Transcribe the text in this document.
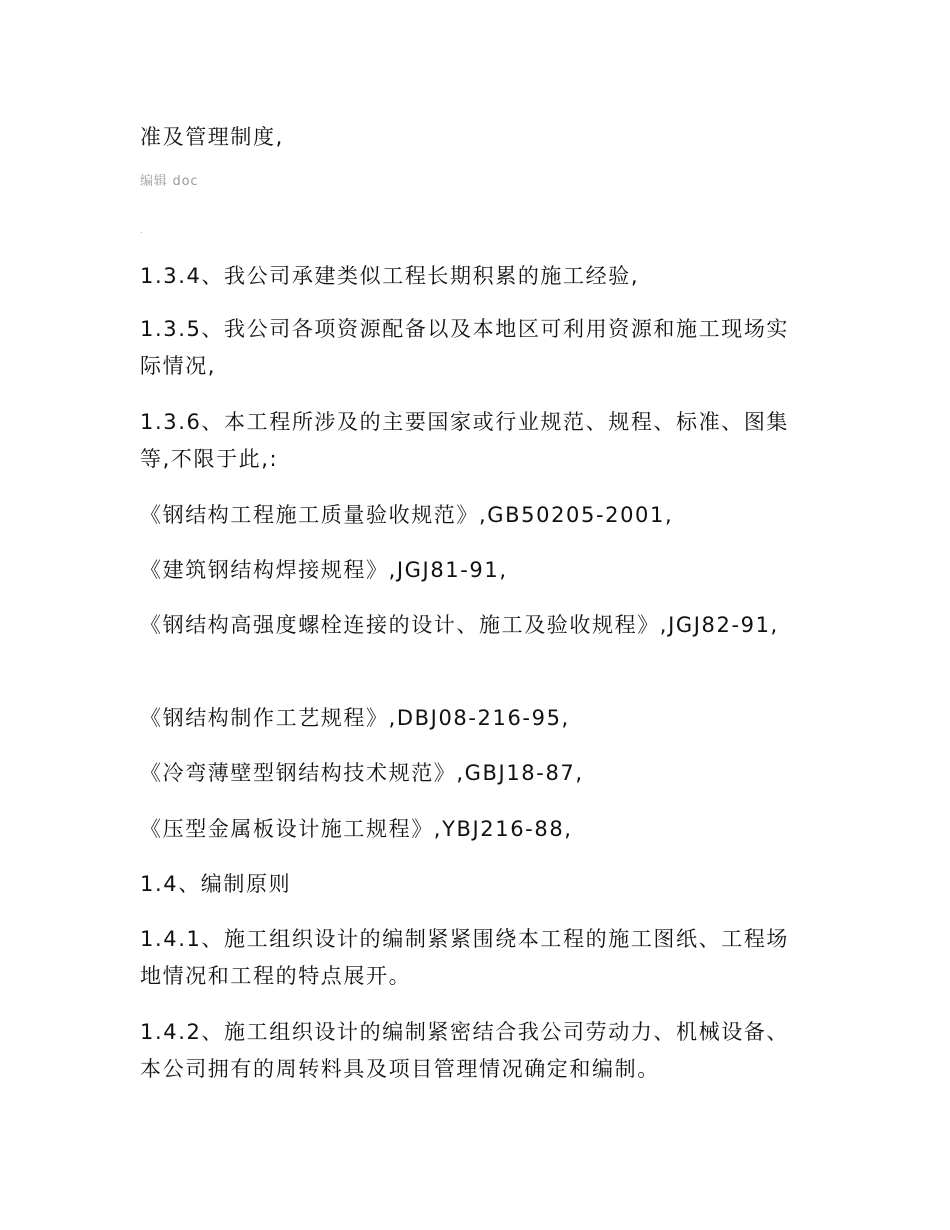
准及管理制度,

编辑 doc

.

1.3.4、我公司承建类似工程长期积累的施工经验,

1.3.5、我公司各项资源配备以及本地区可利用资源和施工现场实际情况,

1.3.6、本工程所涉及的主要国家或行业规范、规程、标准、图集等,不限于此,:

《钢结构工程施工质量验收规范》,GB50205-2001,

《建筑钢结构焊接规程》,JGJ81-91,

《钢结构高强度螺栓连接的设计、施工及验收规程》,JGJ82-91,

《钢结构制作工艺规程》,DBJ08-216-95,

《冷弯薄壁型钢结构技术规范》,GBJ18-87,

《压型金属板设计施工规程》,YBJ216-88,

1.4、编制原则

1.4.1、施工组织设计的编制紧紧围绕本工程的施工图纸、工程场地情况和工程的特点展开。

1.4.2、施工组织设计的编制紧密结合我公司劳动力、机械设备、本公司拥有的周转料具及项目管理情况确定和编制。
